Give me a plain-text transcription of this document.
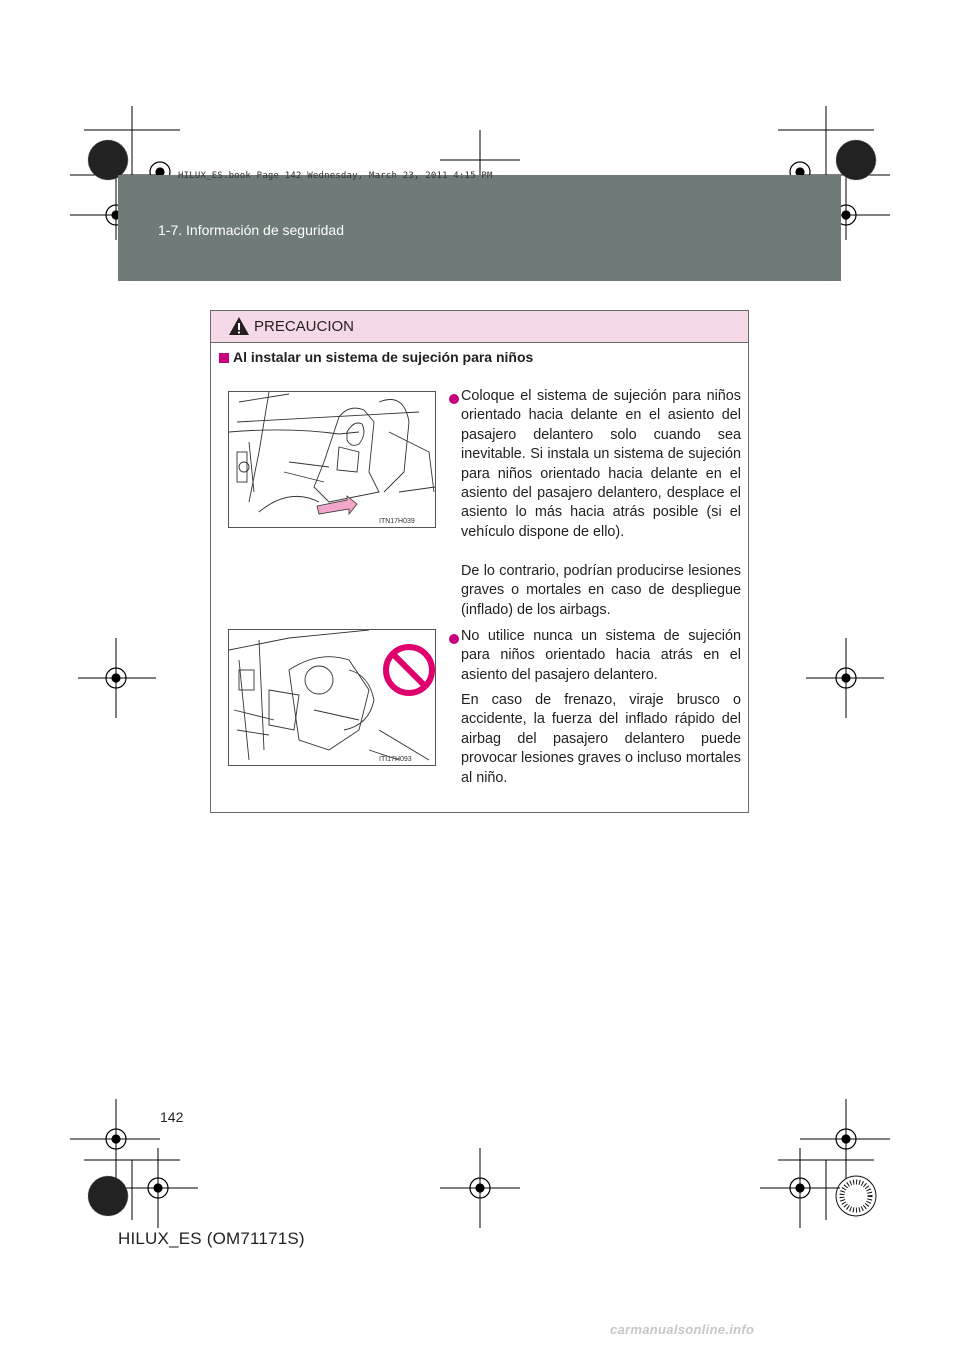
HILUX_ES.book Page 142 Wednesday, March 23, 2011 4:15 PM
1-7. Información de seguridad
PRECAUCION
Al instalar un sistema de sujeción para niños
ITN17H039
ITI17H093
Coloque el sistema de sujeción para niños orientado hacia delante en el asiento del pasajero delantero solo cuando sea inevitable. Si instala un sistema de sujeción para niños orientado hacia delante en el asiento del pasajero delantero, desplace el asiento lo más hacia atrás posible (si el vehículo dispone de ello).
De lo contrario, podrían producirse lesiones graves o mortales en caso de despliegue (inflado) de los airbags.
No utilice nunca un sistema de sujeción para niños orientado hacia atrás en el asiento del pasajero delantero.
En caso de frenazo, viraje brusco o accidente, la fuerza del inflado rápido del airbag del pasajero delantero puede provocar lesiones graves o incluso mortales al niño.
142
HILUX_ES (OM71171S)
carmanualsonline.info
